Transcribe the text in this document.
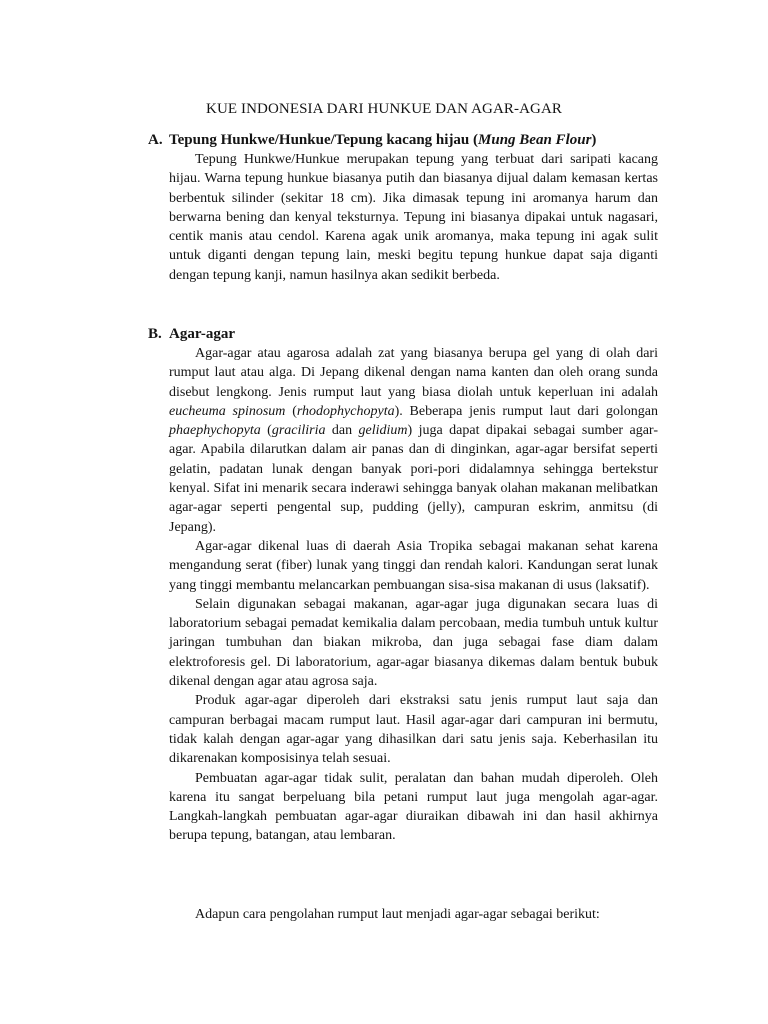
KUE INDONESIA DARI HUNKUE DAN AGAR-AGAR
A. Tepung Hunkwe/Hunkue/Tepung kacang hijau (Mung Bean Flour)

Tepung Hunkwe/Hunkue merupakan tepung yang terbuat dari saripati kacang hijau. Warna tepung hunkue biasanya putih dan biasanya dijual dalam kemasan kertas berbentuk silinder (sekitar 18 cm). Jika dimasak tepung ini aromanya harum dan berwarna bening dan kenyal teksturnya. Tepung ini biasanya dipakai untuk nagasari, centik manis atau cendol. Karena agak unik aromanya, maka tepung ini agak sulit untuk diganti dengan tepung lain, meski begitu tepung hunkue dapat saja diganti dengan tepung kanji, namun hasilnya akan sedikit berbeda.

B. Agar-agar

Agar-agar atau agarosa adalah zat yang biasanya berupa gel yang di olah dari rumput laut atau alga. Di Jepang dikenal dengan nama kanten dan oleh orang sunda disebut lengkong. Jenis rumput laut yang biasa diolah untuk keperluan ini adalah eucheuma spinosum (rhodophychopyta). Beberapa jenis rumput laut dari golongan phaephychopyta (graciliria dan gelidium) juga dapat dipakai sebagai sumber agar-agar. Apabila dilarutkan dalam air panas dan di dinginkan, agar-agar bersifat seperti gelatin, padatan lunak dengan banyak pori-pori didalamnya sehingga bertekstur kenyal. Sifat ini menarik secara inderawi sehingga banyak olahan makanan melibatkan agar-agar seperti pengental sup, pudding (jelly), campuran eskrim, anmitsu (di Jepang).

Agar-agar dikenal luas di daerah Asia Tropika sebagai makanan sehat karena mengandung serat (fiber) lunak yang tinggi dan rendah kalori. Kandungan serat lunak yang tinggi membantu melancarkan pembuangan sisa-sisa makanan di usus (laksatif).

Selain digunakan sebagai makanan, agar-agar juga digunakan secara luas di laboratorium sebagai pemadat kemikalia dalam percobaan, media tumbuh untuk kultur jaringan tumbuhan dan biakan mikroba, dan juga sebagai fase diam dalam elektroforesis gel. Di laboratorium, agar-agar biasanya dikemas dalam bentuk bubuk dikenal dengan agar atau agrosa saja.

Produk agar-agar diperoleh dari ekstraksi satu jenis rumput laut saja dan campuran berbagai macam rumput laut. Hasil agar-agar dari campuran ini bermutu, tidak kalah dengan agar-agar yang dihasilkan dari satu jenis saja. Keberhasilan itu dikarenakan komposisinya telah sesuai.

Pembuatan agar-agar tidak sulit, peralatan dan bahan mudah diperoleh. Oleh karena itu sangat berpeluang bila petani rumput laut juga mengolah agar-agar. Langkah-langkah pembuatan agar-agar diuraikan dibawah ini dan hasil akhirnya berupa tepung, batangan, atau lembaran.

Adapun cara pengolahan rumput laut menjadi agar-agar sebagai berikut:
